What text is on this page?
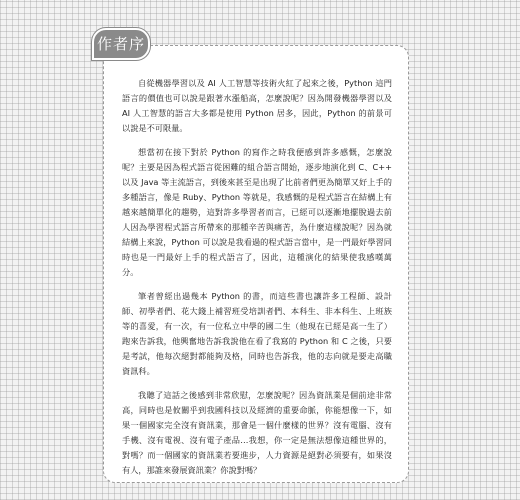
作者序

自從機器學習以及 AI 人工智慧等技術火紅了起來之後，Python 這門語言的價值也可以說是跟著水漲船高，怎麼說呢？因為開發機器學習以及 AI 人工智慧的語言大多都是使用 Python 居多，因此，Python 的前景可以說是不可限量。

想當初在接下對於 Python 的寫作之時我便感到許多感慨，怎麼說呢？主要是因為程式語言從困難的組合語言開始，逐步地演化到 C、C++ 以及 Java 等主流語言，到後來甚至是出現了比前者們更為簡單又好上手的多種語言，像是 Ruby、Python 等就是，我感慨的是程式語言在結構上有越來越簡單化的趨勢，這對許多學習者而言，已經可以逐漸地擺脫過去前人因為學習程式語言所帶來的那種辛苦與痛苦，為什麼這樣說呢？因為就結構上來說，Python 可以說是我看過的程式語言當中，是一門最好學習同時也是一門最好上手的程式語言了，因此，這種演化的結果使我感嘆萬分。

筆者曾經出過幾本 Python 的書，而這些書也讓許多工程師、設計師、初學者們、花大錢上補習班受培訓者們、本科生、非本科生、上班族等的喜愛，有一次，有一位私立中學的國二生（他現在已經是高一生了）跑來告訴我，他興奮地告訴我說他在看了我寫的 Python 和 C 之後，只要是考試，他每次絕對都能夠及格，同時也告訴我，他的志向就是要走高職資訊科。

我聽了這話之後感到非常欣慰，怎麼說呢？因為資訊業是個前途非常高，同時也是攸關乎到我國科技以及經濟的重要命脈，你能想像一下，如果一個國家完全沒有資訊業，那會是一個什麼樣的世界？沒有電腦、沒有手機、沒有電視、沒有電子產品…我想，你一定是無法想像這種世界的，對嗎？而一個國家的資訊業若要進步，人力資源是絕對必須要有，如果沒有人，那誰來發展資訊業？你說對嗎？
